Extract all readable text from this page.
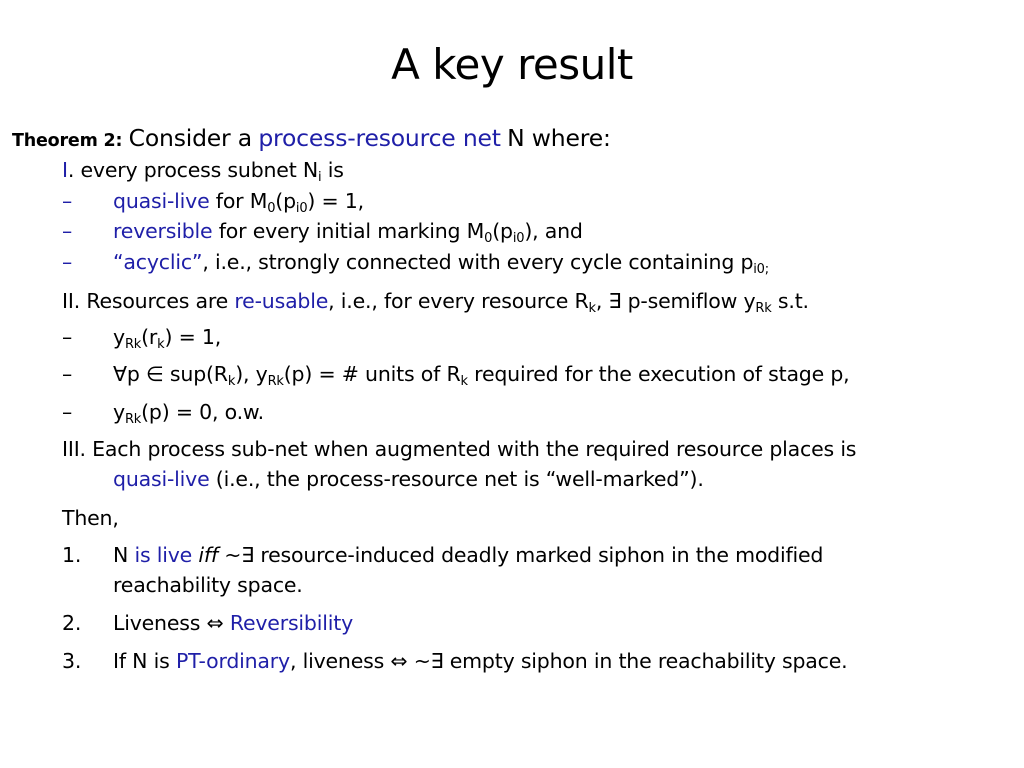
A key result
Theorem 2: Consider a process-resource net N where:
I. every process subnet $N_i$ is
– quasi-live for $M_0(p_{i0}) = 1$,
– reversible for every initial marking $M_0(p_{i0})$, and
– “acyclic”, i.e., strongly connected with every cycle containing $p_{i0;}$
II. Resources are re-usable, i.e., for every resource $R_k$, ∃ p-semiflow $y_{Rk}$ s.t.
– $y_{Rk}(r_k) = 1$,
– ∀p ∈ $sup(R_k)$, $y_{Rk}(p)$ = # units of $R_k$ required for the execution of stage p,
– $y_{Rk}(p) = 0$, o.w.
III. Each process sub-net when augmented with the required resource places is
quasi-live (i.e., the process-resource net is “well-marked”).
Then,
1. N is live iff ~∃ resource-induced deadly marked siphon in the modified
reachability space.
2. Liveness ⇔ Reversibility
3. If N is PT-ordinary, liveness ⇔ ~∃ empty siphon in the reachability space.
